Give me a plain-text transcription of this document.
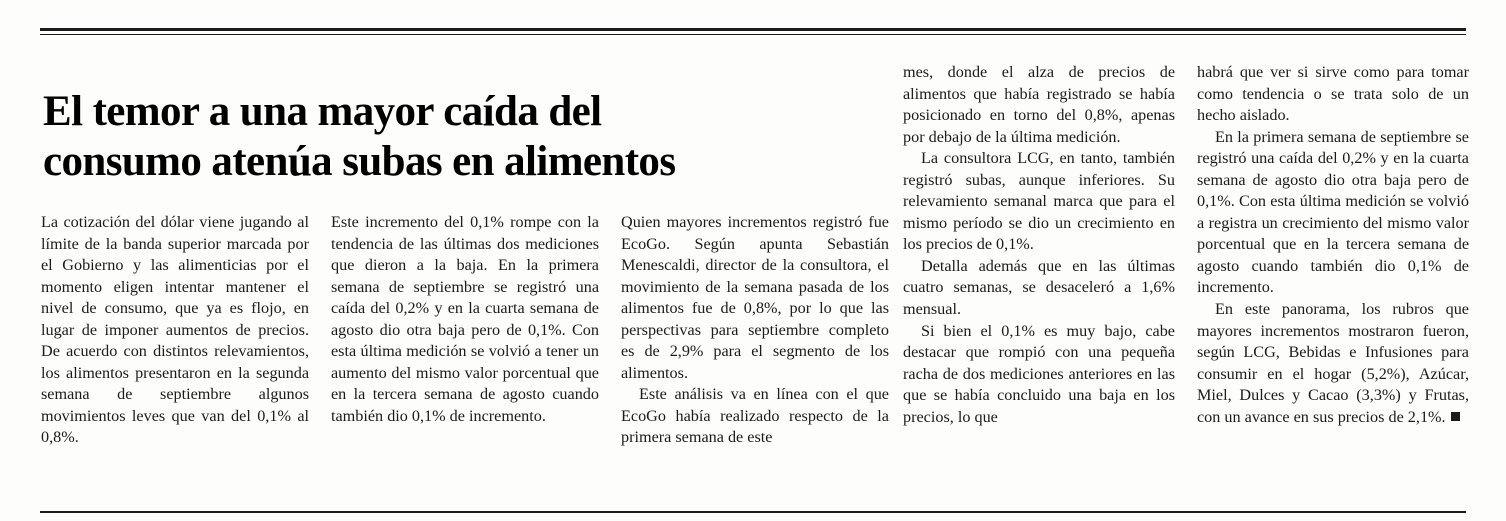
El temor a una mayor caída del
consumo atenúa subas en alimentos

La cotización del dólar viene jugando al límite de la banda superior marcada por el Gobierno y las alimenticias por el momento eligen intentar mantener el nivel de consumo, que ya es flojo, en lugar de imponer aumentos de precios. De acuerdo con distintos relevamientos, los alimentos presentaron en la segunda semana de septiembre algunos movimientos leves que van del 0,1% al 0,8%.

Este incremento del 0,1% rompe con la tendencia de las últimas dos mediciones que dieron a la baja. En la primera semana de septiembre se registró una caída del 0,2% y en la cuarta semana de agosto dio otra baja pero de 0,1%. Con esta última medición se volvió a tener un aumento del mismo valor porcentual que en la tercera semana de agosto cuando también dio 0,1% de incremento.

Quien mayores incrementos registró fue EcoGo. Según apunta Sebastián Menescaldi, director de la consultora, el movimiento de la semana pasada de los alimentos fue de 0,8%, por lo que las perspectivas para septiembre completo es de 2,9% para el segmento de los alimentos.

Este análisis va en línea con el que EcoGo había realizado respecto de la primera semana de este

mes, donde el alza de precios de alimentos que había registrado se había posicionado en torno del 0,8%, apenas por debajo de la última medición.

La consultora LCG, en tanto, también registró subas, aunque inferiores. Su relevamiento semanal marca que para el mismo período se dio un crecimiento en los precios de 0,1%.

Detalla además que en las últimas cuatro semanas, se desaceleró a 1,6% mensual.

Si bien el 0,1% es muy bajo, cabe destacar que rompió con una pequeña racha de dos mediciones anteriores en las que se había concluido una baja en los precios, lo que

habrá que ver si sirve como para tomar como tendencia o se trata solo de un hecho aislado.

En la primera semana de septiembre se registró una caída del 0,2% y en la cuarta semana de agosto dio otra baja pero de 0,1%. Con esta última medición se volvió a registra un crecimiento del mismo valor porcentual que en la tercera semana de agosto cuando también dio 0,1% de incremento.

En este panorama, los rubros que mayores incrementos mostraron fueron, según LCG, Bebidas e Infusiones para consumir en el hogar (5,2%), Azúcar, Miel, Dulces y Cacao (3,3%) y Frutas, con un avance en sus precios de 2,1%.
